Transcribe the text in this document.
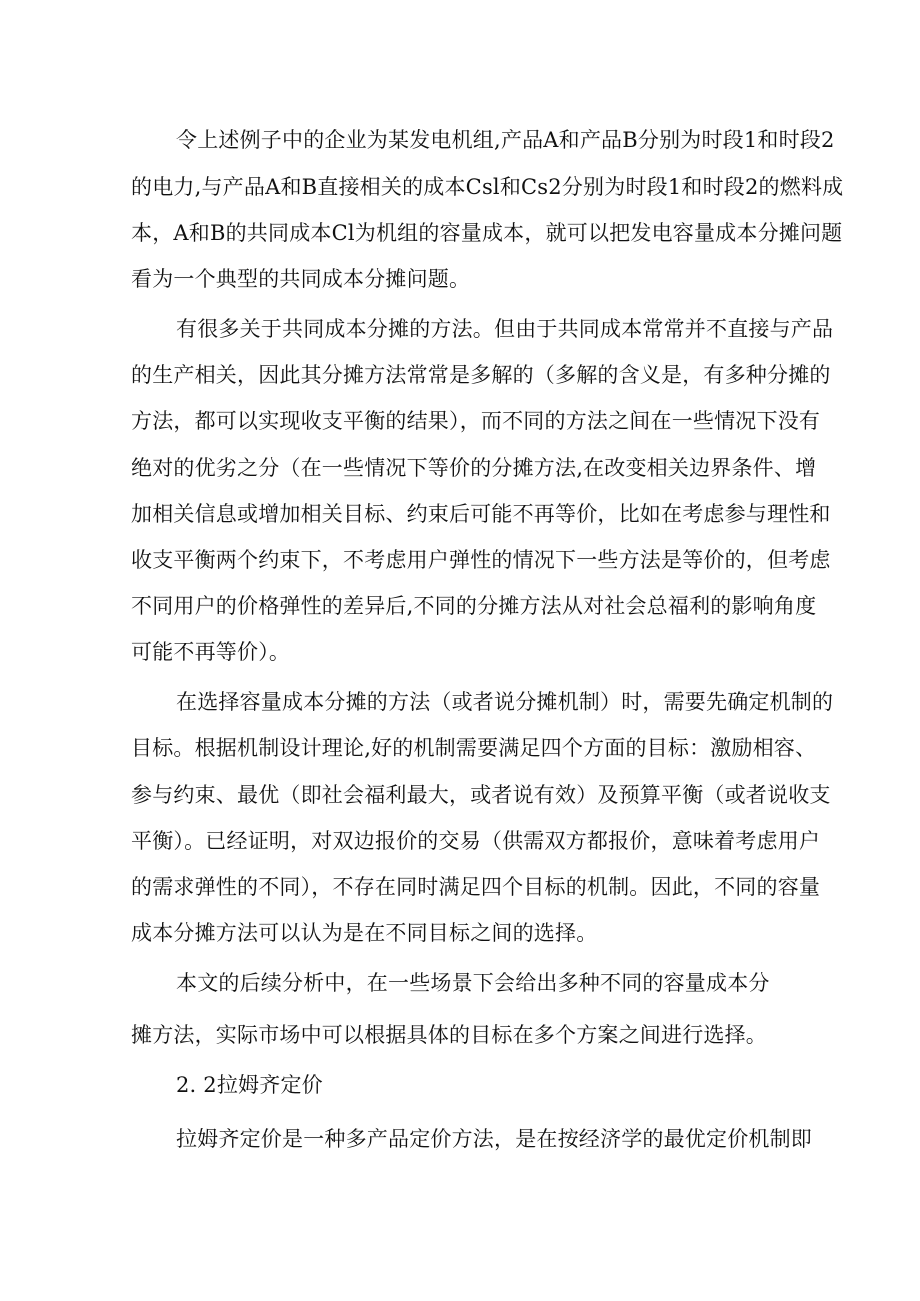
令上述例子中的企业为某发电机组,产品A和产品B分别为时段1和时段2
的电力,与产品A和B直接相关的成本Csl和Cs2分别为时段1和时段2的燃料成
本，A和B的共同成本Cl为机组的容量成本，就可以把发电容量成本分摊问题
看为一个典型的共同成本分摊问题。
有很多关于共同成本分摊的方法。但由于共同成本常常并不直接与产品
的生产相关，因此其分摊方法常常是多解的（多解的含义是，有多种分摊的
方法，都可以实现收支平衡的结果），而不同的方法之间在一些情况下没有
绝对的优劣之分（在一些情况下等价的分摊方法,在改变相关边界条件、增
加相关信息或增加相关目标、约束后可能不再等价，比如在考虑参与理性和
收支平衡两个约束下，不考虑用户弹性的情况下一些方法是等价的，但考虑
不同用户的价格弹性的差异后,不同的分摊方法从对社会总福利的影响角度
可能不再等价）。
在选择容量成本分摊的方法（或者说分摊机制）时，需要先确定机制的
目标。根据机制设计理论,好的机制需要满足四个方面的目标：激励相容、
参与约束、最优（即社会福利最大，或者说有效）及预算平衡（或者说收支
平衡）。已经证明，对双边报价的交易（供需双方都报价，意味着考虑用户
的需求弹性的不同），不存在同时满足四个目标的机制。因此，不同的容量
成本分摊方法可以认为是在不同目标之间的选择。
本文的后续分析中，在一些场景下会给出多种不同的容量成本分
摊方法，实际市场中可以根据具体的目标在多个方案之间进行选择。
2. 2拉姆齐定价
拉姆齐定价是一种多产品定价方法，是在按经济学的最优定价机制即
